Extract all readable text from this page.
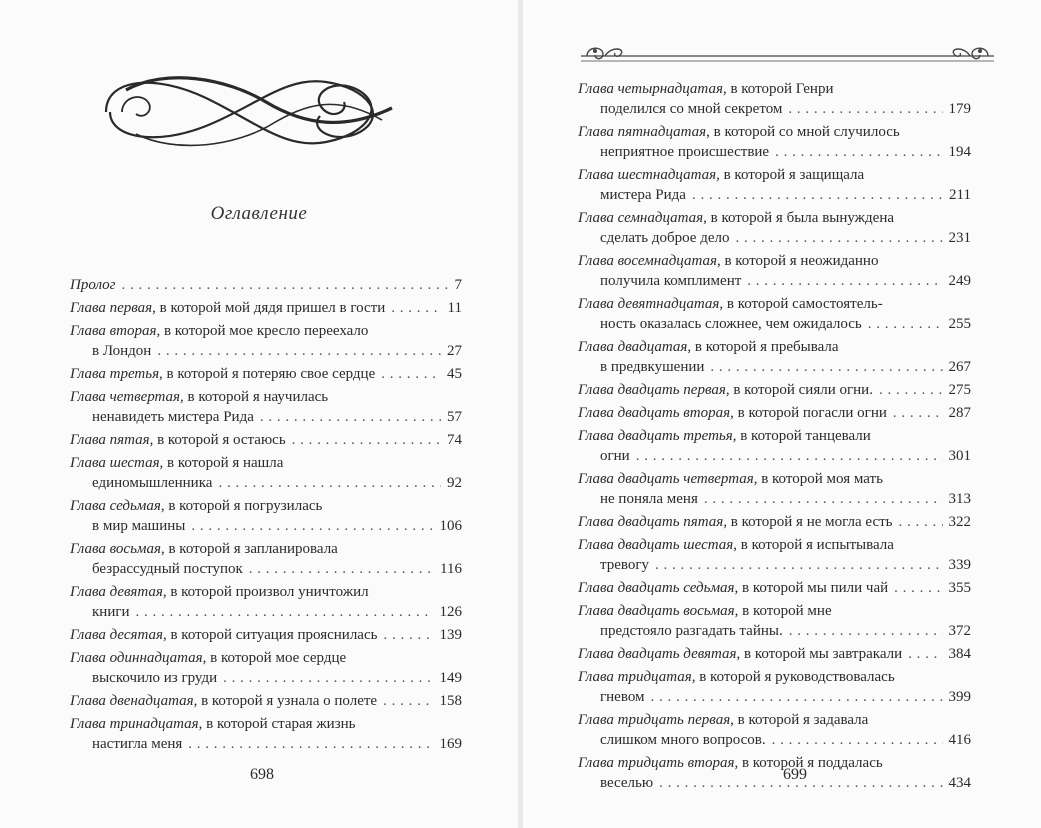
Оглавление
Пролог . . .	7
Глава первая, в которой мой дядя пришел в гости . . .	11
Глава вторая, в которой мое кресло переехало
в Лондон . . .	27
Глава третья, в которой я потеряю свое сердце . . .	45
Глава четвертая, в которой я научилась
ненавидеть мистера Рида . . .	57
Глава пятая, в которой я остаюсь . . .	74
Глава шестая, в которой я нашла
единомышленника . . .	92
Глава седьмая, в которой я погрузилась
в мир машины . . .	106
Глава восьмая, в которой я запланировала
безрассудный поступок . . .	116
Глава девятая, в которой произвол уничтожил
книги . . .	126
Глава десятая, в которой ситуация прояснилась . . .	139
Глава одиннадцатая, в которой мое сердце
выскочило из груди . . .	149
Глава двенадцатая, в которой я узнала о полете . . .	158
Глава тринадцатая, в которой старая жизнь
настигла меня . . .	169
698
Глава четырнадцатая, в которой Генри
поделился со мной секретом . . .	179
Глава пятнадцатая, в которой со мной случилось
неприятное происшествие . . .	194
Глава шестнадцатая, в которой я защищала
мистера Рида . . .	211
Глава семнадцатая, в которой я была вынуждена
сделать доброе дело . . .	231
Глава восемнадцатая, в которой я неожиданно
получила комплимент . . .	249
Глава девятнадцатая, в которой самостоятель-
ность оказалась сложнее, чем ожидалось . . .	255
Глава двадцатая, в которой я пребывала
в предвкушении . . .	267
Глава двадцать первая, в которой сияли огни. . . .	275
Глава двадцать вторая, в которой погасли огни . . .	287
Глава двадцать третья, в которой танцевали
огни . . .	301
Глава двадцать четвертая, в которой моя мать
не поняла меня . . .	313
Глава двадцать пятая, в которой я не могла есть . . .	322
Глава двадцать шестая, в которой я испытывала
тревогу . . .	339
Глава двадцать седьмая, в которой мы пили чай . . .	355
Глава двадцать восьмая, в которой мне
предстояло разгадать тайны. . . .	372
Глава двадцать девятая, в которой мы завтракали . . .	384
Глава тридцатая, в которой я руководствовалась
гневом . . .	399
Глава тридцать первая, в которой я задавала
слишком много вопросов. . . .	416
Глава тридцать вторая, в которой я поддалась
веселью . . .	434
699
